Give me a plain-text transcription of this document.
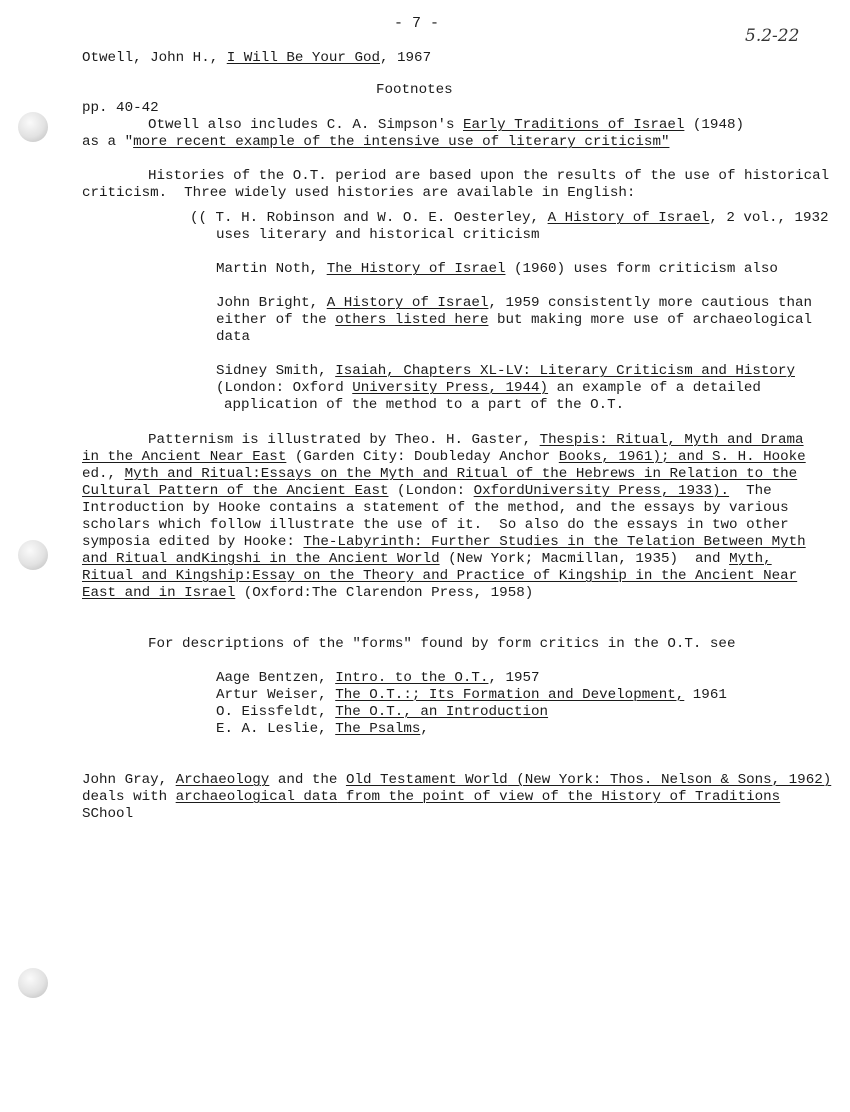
- 7 -
5.2-22
Otwell, John H., I Will Be Your God, 1967
Footnotes
pp. 40-42
Otwell also includes C. A. Simpson's Early Traditions of Israel (1948)
as a "more recent example of the intensive use of literary criticism"
Histories of the O.T. period are based upon the results of the use of historical
criticism.  Three widely used histories are available in English:
(( T. H. Robinson and W. O. E. Oesterley, A History of Israel, 2 vol., 1932
uses literary and historical criticism
Martin Noth, The History of Israel (1960) uses form criticism also
John Bright, A History of Israel, 1959 consistently more cautious than
either of the others listed here but making more use of archaeological
data
Sidney Smith, Isaiah, Chapters XL-LV: Literary Criticism and History
(London: Oxford University Press, 1944) an example of a detailed
application of the method to a part of the O.T.
Patternism is illustrated by Theo. H. Gaster, Thespis: Ritual, Myth and Drama
in the Ancient Near East (Garden City: Doubleday Anchor Books, 1961); and S. H. Hooke
ed., Myth and Ritual:Essays on the Myth and Ritual of the Hebrews in Relation to the
Cultural Pattern of the Ancient East (London: OxfordUniversity Press, 1933).  The
Introduction by Hooke contains a statement of the method, and the essays by various
scholars which follow illustrate the use of it.  So also do the essays in two other
symposia edited by Hooke: The-Labyrinth: Further Studies in the Telation Between Myth
and Ritual andKingshi in the Ancient World (New York; Macmillan, 1935)  and Myth,
Ritual and Kingship:Essay on the Theory and Practice of Kingship in the Ancient Near
East and in Israel (Oxford:The Clarendon Press, 1958)
For descriptions of the "forms" found by form critics in the O.T. see
Aage Bentzen, Intro. to the O.T., 1957
Artur Weiser, The O.T.:; Its Formation and Development, 1961
O. Eissfeldt, The O.T., an Introduction
E. A. Leslie, The Psalms,
John Gray, Archaeology and the Old Testament World (New York: Thos. Nelson & Sons, 1962)
deals with archaeological data from the point of view of the History of Traditions
SChool
